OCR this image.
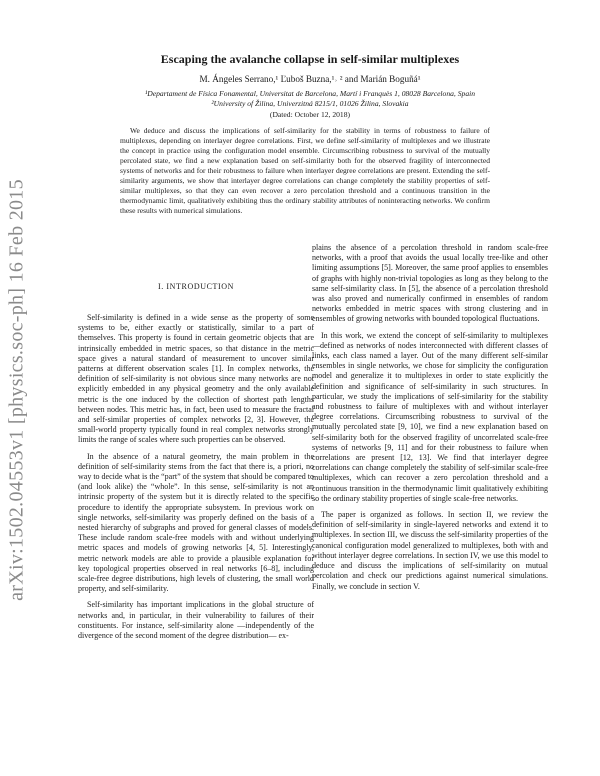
arXiv:1502.04553v1 [physics.soc-ph] 16 Feb 2015
Escaping the avalanche collapse in self-similar multiplexes
M. Ángeles Serrano,¹ Ľuboš Buzna,¹˒ ² and Marián Boguñá¹
¹Departament de Física Fonamental, Universitat de Barcelona, Martí i Franquès 1, 08028 Barcelona, Spain
²University of Žilina, Univerzitná 8215/1, 01026 Žilina, Slovakia
(Dated: October 12, 2018)
We deduce and discuss the implications of self-similarity for the stability in terms of robustness to failure of multiplexes, depending on interlayer degree correlations. First, we define self-similarity of multiplexes and we illustrate the concept in practice using the configuration model ensemble. Circumscribing robustness to survival of the mutually percolated state, we find a new explanation based on self-similarity both for the observed fragility of interconnected systems of networks and for their robustness to failure when interlayer degree correlations are present. Extending the self-similarity arguments, we show that interlayer degree correlations can change completely the stability properties of self-similar multiplexes, so that they can even recover a zero percolation threshold and a continuous transition in the thermodynamic limit, qualitatively exhibiting thus the ordinary stability attributes of noninteracting networks. We confirm these results with numerical simulations.
I. INTRODUCTION

Self-similarity is defined in a wide sense as the property of some systems to be, either exactly or statistically, similar to a part of themselves. This property is found in certain geometric objects that are intrinsically embedded in metric spaces, so that distance in the metric space gives a natural standard of measurement to uncover similar patterns at different observation scales [1]. In complex networks, the definition of self-similarity is not obvious since many networks are not explicitly embedded in any physical geometry and the only available metric is the one induced by the collection of shortest path lengths between nodes. This metric has, in fact, been used to measure the fractal and self-similar properties of complex networks [2, 3]. However, the small-world property typically found in real complex networks strongly limits the range of scales where such properties can be observed.

In the absence of a natural geometry, the main problem in the definition of self-similarity stems from the fact that there is, a priori, no way to decide what is the “part” of the system that should be compared to (and look alike) the “whole”. In this sense, self-similarity is not an intrinsic property of the system but it is directly related to the specific procedure to identify the appropriate subsystem. In previous work on single networks, self-similarity was properly defined on the basis of a nested hierarchy of subgraphs and proved for general classes of models. These include random scale-free models with and without underlying metric spaces and models of growing networks [4, 5]. Interestingly, metric network models are able to provide a plausible explanation for key topological properties observed in real networks [6–8], including scale-free degree distributions, high levels of clustering, the small world property, and self-similarity.

Self-similarity has important implications in the global structure of networks and, in particular, in their vulnerability to failures of their constituents. For instance, self-similarity alone —independently of the divergence of the second moment of the degree distribution— ex-

plains the absence of a percolation threshold in random scale-free networks, with a proof that avoids the usual locally tree-like and other limiting assumptions [5]. Moreover, the same proof applies to ensembles of graphs with highly non-trivial topologies as long as they belong to the same self-similarity class. In [5], the absence of a percolation threshold was also proved and numerically confirmed in ensembles of random networks embedded in metric spaces with strong clustering and in ensembles of growing networks with bounded topological fluctuations.

In this work, we extend the concept of self-similarity to multiplexes —defined as networks of nodes interconnected with different classes of links, each class named a layer. Out of the many different self-similar ensembles in single networks, we chose for simplicity the configuration model and generalize it to multiplexes in order to state explicitly the definition and significance of self-similarity in such structures. In particular, we study the implications of self-similarity for the stability and robustness to failure of multiplexes with and without interlayer degree correlations. Circumscribing robustness to survival of the mutually percolated state [9, 10], we find a new explanation based on self-similarity both for the observed fragility of uncorrelated scale-free systems of networks [9, 11] and for their robustness to failure when correlations are present [12, 13]. We find that interlayer degree correlations can change completely the stability of self-similar scale-free multiplexes, which can recover a zero percolation threshold and a continuous transition in the thermodynamic limit qualitatively exhibiting so the ordinary stability properties of single scale-free networks.

The paper is organized as follows. In section II, we review the definition of self-similarity in single-layered networks and extend it to multiplexes. In section III, we discuss the self-similarity properties of the canonical configuration model generalized to multiplexes, both with and without interlayer degree correlations. In section IV, we use this model to deduce and discuss the implications of self-similarity on mutual percolation and check our predictions against numerical simulations. Finally, we conclude in section V.
